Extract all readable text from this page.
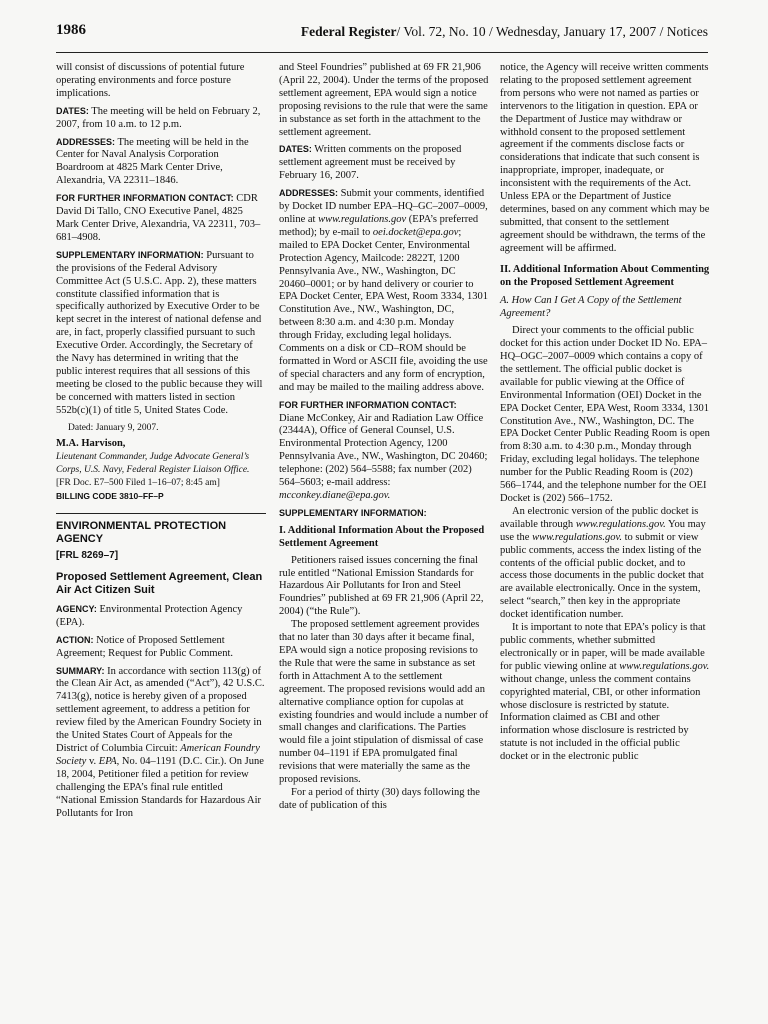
1986	Federal Register/ Vol. 72, No. 10 / Wednesday, January 17, 2007 / Notices

will consist of discussions of potential future operating environments and force posture implications.

DATES: The meeting will be held on February 2, 2007, from 10 a.m. to 12 p.m.

ADDRESSES: The meeting will be held in the Center for Naval Analysis Corporation Boardroom at 4825 Mark Center Drive, Alexandria, VA 22311–1846.

FOR FURTHER INFORMATION CONTACT: CDR David Di Tallo, CNO Executive Panel, 4825 Mark Center Drive, Alexandria, VA 22311, 703–681–4908.

SUPPLEMENTARY INFORMATION: Pursuant to the provisions of the Federal Advisory Committee Act (5 U.S.C. App. 2), these matters constitute classified information that is specifically authorized by Executive Order to be kept secret in the interest of national defense and are, in fact, properly classified pursuant to such Executive Order. Accordingly, the Secretary of the Navy has determined in writing that the public interest requires that all sessions of this meeting be closed to the public because they will be concerned with matters listed in section 552b(c)(1) of title 5, United States Code.

Dated: January 9, 2007.

M.A. Harvison,

Lieutenant Commander, Judge Advocate General’s Corps, U.S. Navy, Federal Register Liaison Office.

[FR Doc. E7–500 Filed 1–16–07; 8:45 am]

BILLING CODE 3810–FF–P

ENVIRONMENTAL PROTECTION AGENCY

[FRL 8269–7]

Proposed Settlement Agreement, Clean Air Act Citizen Suit

AGENCY: Environmental Protection Agency (EPA).

ACTION: Notice of Proposed Settlement Agreement; Request for Public Comment.

SUMMARY: In accordance with section 113(g) of the Clean Air Act, as amended (“Act”), 42 U.S.C. 7413(g), notice is hereby given of a proposed settlement agreement, to address a petition for review filed by the American Foundry Society in the United States Court of Appeals for the District of Columbia Circuit: American Foundry Society v. EPA, No. 04–1191 (D.C. Cir.). On June 18, 2004, Petitioner filed a petition for review challenging the EPA’s final rule entitled “National Emission Standards for Hazardous Air Pollutants for Iron

and Steel Foundries” published at 69 FR 21,906 (April 22, 2004). Under the terms of the proposed settlement agreement, EPA would sign a notice proposing revisions to the rule that were the same in substance as set forth in the attachment to the settlement agreement.

DATES: Written comments on the proposed settlement agreement must be received by February 16, 2007.

ADDRESSES: Submit your comments, identified by Docket ID number EPA–HQ–GC–2007–0009, online at www.regulations.gov (EPA’s preferred method); by e-mail to oei.docket@epa.gov; mailed to EPA Docket Center, Environmental Protection Agency, Mailcode: 2822T, 1200 Pennsylvania Ave., NW., Washington, DC 20460–0001; or by hand delivery or courier to EPA Docket Center, EPA West, Room 3334, 1301 Constitution Ave., NW., Washington, DC, between 8:30 a.m. and 4:30 p.m. Monday through Friday, excluding legal holidays. Comments on a disk or CD–ROM should be formatted in Word or ASCII file, avoiding the use of special characters and any form of encryption, and may be mailed to the mailing address above.

FOR FURTHER INFORMATION CONTACT:

Diane McConkey, Air and Radiation Law Office (2344A), Office of General Counsel, U.S. Environmental Protection Agency, 1200 Pennsylvania Ave., NW., Washington, DC 20460; telephone: (202) 564–5588; fax number (202) 564–5603; e-mail address:

mcconkey.diane@epa.gov.

SUPPLEMENTARY INFORMATION:

I. Additional Information About the Proposed Settlement Agreement

Petitioners raised issues concerning the final rule entitled “National Emission Standards for Hazardous Air Pollutants for Iron and Steel Foundries” published at 69 FR 21,906 (April 22, 2004) (“the Rule”).

The proposed settlement agreement provides that no later than 30 days after it became final, EPA would sign a notice proposing revisions to the Rule that were the same in substance as set forth in Attachment A to the settlement agreement. The proposed revisions would add an alternative compliance option for cupolas at existing foundries and would include a number of small changes and clarifications. The Parties would file a joint stipulation of dismissal of case number 04–1191 if EPA promulgated final revisions that were materially the same as the proposed revisions.

For a period of thirty (30) days following the date of publication of this

notice, the Agency will receive written comments relating to the proposed settlement agreement from persons who were not named as parties or intervenors to the litigation in question. EPA or the Department of Justice may withdraw or withhold consent to the proposed settlement agreement if the comments disclose facts or considerations that indicate that such consent is inappropriate, improper, inadequate, or inconsistent with the requirements of the Act. Unless EPA or the Department of Justice determines, based on any comment which may be submitted, that consent to the settlement agreement should be withdrawn, the terms of the agreement will be affirmed.

II. Additional Information About Commenting on the Proposed Settlement Agreement

A. How Can I Get A Copy of the Settlement Agreement?

Direct your comments to the official public docket for this action under Docket ID No. EPA–HQ–OGC–2007–0009 which contains a copy of the settlement. The official public docket is available for public viewing at the Office of Environmental Information (OEI) Docket in the EPA Docket Center, EPA West, Room 3334, 1301 Constitution Ave., NW., Washington, DC. The EPA Docket Center Public Reading Room is open from 8:30 a.m. to 4:30 p.m., Monday through Friday, excluding legal holidays. The telephone number for the Public Reading Room is (202) 566–1744, and the telephone number for the OEI Docket is (202) 566–1752.

An electronic version of the public docket is available through www.regulations.gov. You may use the www.regulations.gov. to submit or view public comments, access the index listing of the contents of the official public docket, and to access those documents in the public docket that are available electronically. Once in the system, select “search,” then key in the appropriate docket identification number.

It is important to note that EPA’s policy is that public comments, whether submitted electronically or in paper, will be made available for public viewing online at www.regulations.gov. without change, unless the comment contains copyrighted material, CBI, or other information whose disclosure is restricted by statute. Information claimed as CBI and other information whose disclosure is restricted by statute is not included in the official public docket or in the electronic public
